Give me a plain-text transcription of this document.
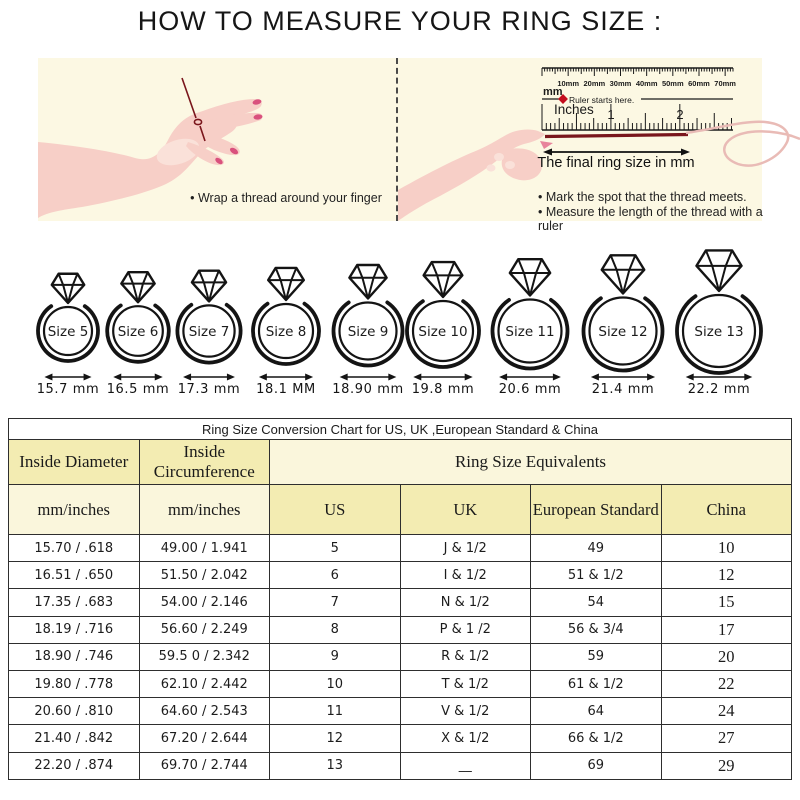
HOW TO MEASURE YOUR RING SIZE :
mm
Ruler starts here.
Inches 1	2
10mm 20mm 30mm 40mm 50mm 60mm 70mm
• Wrap a thread around your finger	• Mark the spot that the thread meets.
• Measure the length of the thread with a ruler
The final ring size in mm
Size 5
15.7 mm
Size 6
16.5 mm
Size 7
17.3 mm
Size 8
18.1 MM
Size 9
18.90 mm
Size 10
19.8 mm
Size 11
20.6 mm
Size 12
21.4 mm
Size 13
22.2 mm
Ring Size Conversion Chart for US, UK ,European Standard & China					
Inside Diameter	Inside Circumference	Ring Size Equivalents			
mm/inches	mm/inches	US	UK	European Standard	China
15.70 / .618	49.00 / 1.941	5	J & 1/2	49	10
16.51 / .650	51.50 / 2.042	6	I & 1/2	51 & 1/2	12
17.35 / .683	54.00 / 2.146	7	N & 1/2	54	15
18.19 / .716	56.60 / 2.249	8	P & 1 /2	56 & 3/4	17
18.90 / .746	59.5 0 / 2.342	9	R & 1/2	59	20
19.80 / .778	62.10 / 2.442	10	T & 1/2	61 & 1/2	22
20.60 / .810	64.60 / 2.543	11	V & 1/2	64	24
21.40 / .842	67.20 / 2.644	12	X & 1/2	66 & 1/2	27
22.20 / .874	69.70 / 2.744	13	__	69	29
